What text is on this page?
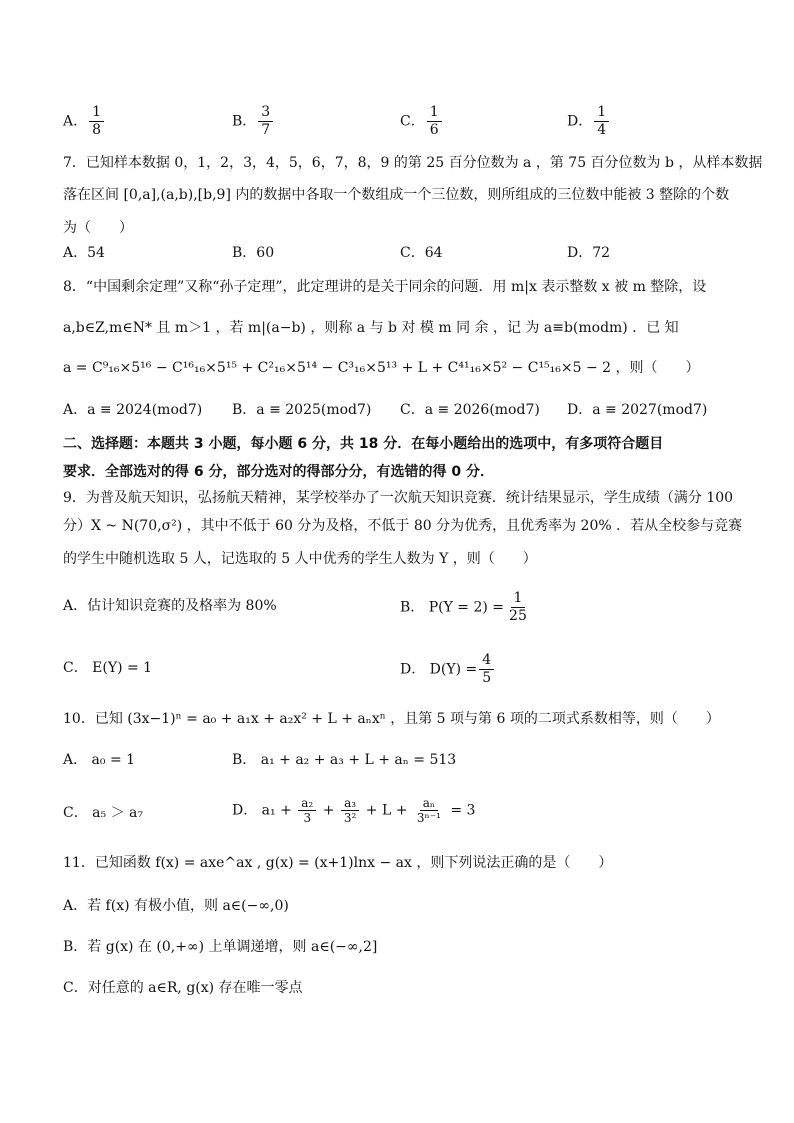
A． $\frac{1}{8}$	B． $\frac{3}{7}$	C． $\frac{1}{6}$	D． $\frac{1}{4}$
7．已知样本数据 0，1，2，3，4，5，6，7，8，9 的第 25 百分位数为 a ，第 75 百分位数为 b ，从样本数据
落在区间 [0,a],(a,b),[b,9] 内的数据中各取一个数组成一个三位数，则所组成的三位数中能被 3 整除的个数
为（　　）
A．54	B．60	C．64	D．72
8．“中国剩余定理”又称“孙子定理”，此定理讲的是关于同余的问题．用 m|x 表示整数 x 被 m 整除，设
a,b∈Z,m∈N* 且 m＞1 ，若 m|(a−b) ，则称 a 与 b 对 模 m 同 余 ，记 为 a≡b(modm) ．已 知
a = C⁹₁₆×5¹⁶ − C¹⁶₁₆×5¹⁵ + C²₁₆×5¹⁴ − C³₁₆×5¹³ + L + C⁴¹₁₆×5² − C¹⁵₁₆×5 − 2 ，则（　　）
A．a ≡ 2024(mod7) B．a ≡ 2025(mod7) C．a ≡ 2026(mod7) D．a ≡ 2027(mod7)
二、选择题：本题共 3 小题，每小题 6 分，共 18 分．在每小题给出的选项中，有多项符合题目
要求．全部选对的得 6 分，部分选对的得部分分，有选错的得 0 分．
9．为普及航天知识，弘扬航天精神，某学校举办了一次航天知识竞赛．统计结果显示，学生成绩（满分 100
分）X ~ N(70,σ²) ，其中不低于 60 分为及格，不低于 80 分为优秀，且优秀率为 20% ．若从全校参与竞赛
的学生中随机选取 5 人，记选取的 5 人中优秀的学生人数为 Y ，则（　　）
A．估计知识竞赛的及格率为 80%	B． $P(Y = 2) = \frac{1}{25}$
C． E(Y) = 1	D． $D(Y) = \frac{4}{5}$
10．已知 (3x−1)ⁿ = a₀ + a₁x + a₂x² + L + aₙxⁿ ，且第 5 项与第 6 项的二项式系数相等，则（　　）
A． a₀ = 1	B． a₁ + a₂ + a₃ + L + aₙ = 513
C． a₅ ＞ a₇	D． $a_1 + \frac{\text{a₂}}{3} + \frac{\text{a₃}}{\text{3²}} + L + \frac{\text{aₙ}}{\text{3ⁿ⁻¹}} = 3$
11．已知函数 f(x) = axe^ax , g(x) = (x+1)lnx − ax ，则下列说法正确的是（　　）
A．若 f(x) 有极小值，则 a∈(−∞,0)
B．若 g(x) 在 (0,+∞) 上单调递增，则 a∈(−∞,2]
C．对任意的 a∈R, g(x) 存在唯一零点
